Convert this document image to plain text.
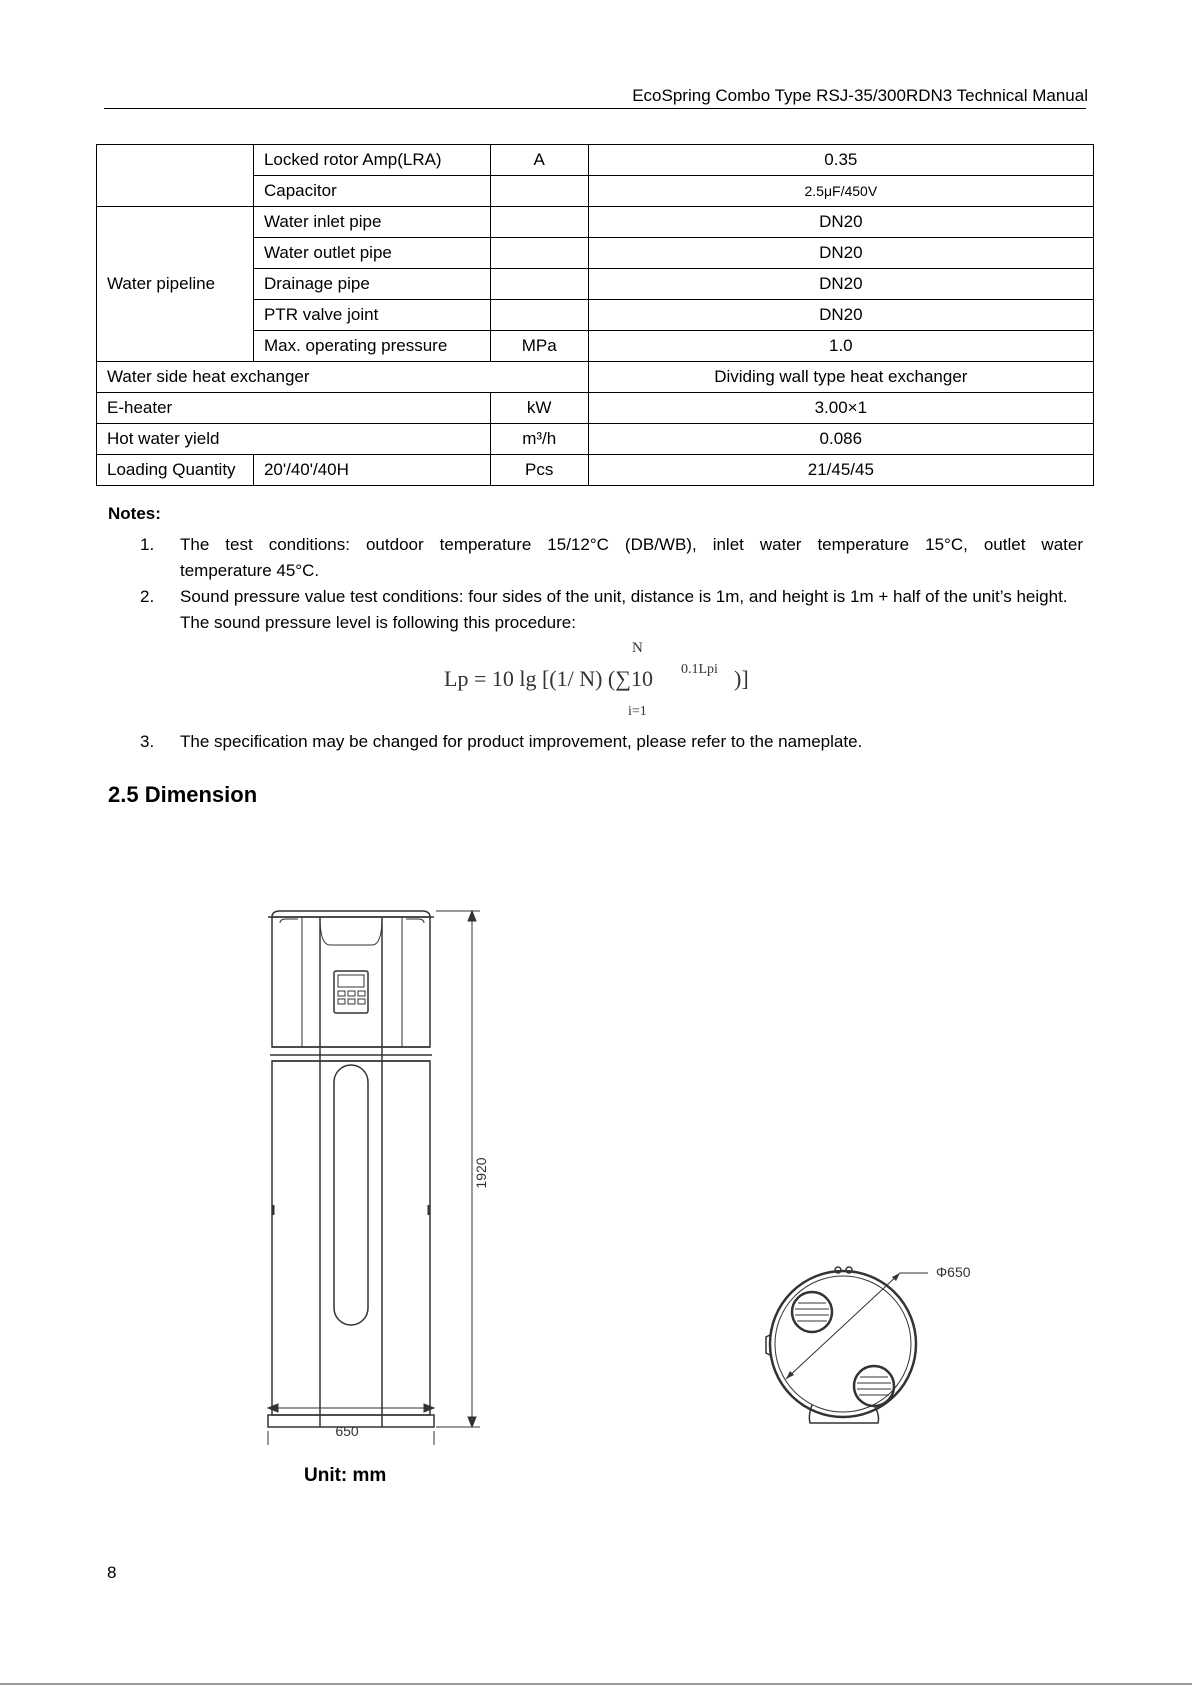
EcoSpring Combo Type RSJ-35/300RDN3 Technical Manual
	Locked rotor Amp(LRA)	A	0.35
	Capacitor		2.5μF/450V
Water pipeline	Water inlet pipe		DN20
	Water outlet pipe		DN20
	Drainage pipe		DN20
	PTR valve joint		DN20
	Max. operating pressure	MPa	1.0
Water side heat exchanger			Dividing wall type heat exchanger
E-heater		kW	3.00×1
Hot water yield		m³/h	0.086
Loading Quantity	20'/40'/40H	Pcs	21/45/45
Notes:
1.	The test conditions: outdoor temperature 15/12°C (DB/WB), inlet water temperature 15°C, outlet water
temperature 45°C.
2.	Sound pressure value test conditions: four sides of the unit, distance is 1m, and height is 1m + half of the unit’s height. The sound pressure level is following this procedure:
N
Lp = 10 lg [(1/ N) (∑10 0.1Lpi )]
i=1
3.	The specification may be changed for product improvement, please refer to the nameplate.
2.5 Dimension
1920
650
Φ650
Unit: mm
8
